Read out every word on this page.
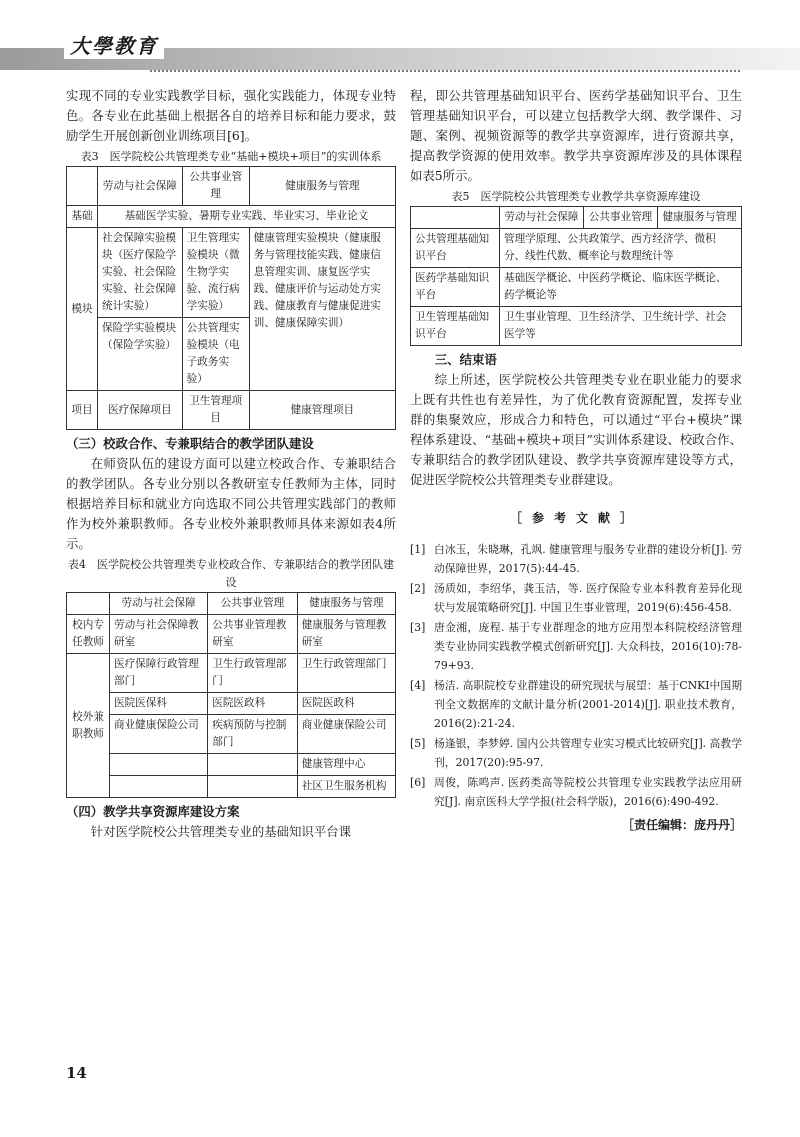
大學教育

实现不同的专业实践教学目标，强化实践能力，体现专业特色。各专业在此基础上根据各自的培养目标和能力要求，鼓励学生开展创新创业训练项目[6]。

表3　医学院校公共管理类专业“基础+模块+项目”的实训体系
	劳动与社会保障	公共事业管理	健康服务与管理
基础	基础医学实验、暑期专业实践、毕业实习、毕业论文		
模块	社会保障实验模块（医疗保险学实验、社会保险实验、社会保障统计实验）	卫生管理实验模块（微生物学实验、流行病学实验）	健康管理实验模块（健康服务与管理技能实践、健康信息管理实训、康复医学实践、健康评价与运动处方实践、健康教育与健康促进实训、健康保障实训）
	保险学实验模块（保险学实验）	公共管理实验模块（电子政务实验）	
项目	医疗保障项目	卫生管理项目	健康管理项目
（三）校政合作、专兼职结合的教学团队建设

在师资队伍的建设方面可以建立校政合作、专兼职结合的教学团队。各专业分别以各教研室专任教师为主体，同时根据培养目标和就业方向选取不同公共管理实践部门的教师作为校外兼职教师。各专业校外兼职教师具体来源如表4所示。

表4　医学院校公共管理类专业校政合作、专兼职结合的教学团队建设
	劳动与社会保障	公共事业管理	健康服务与管理
校内专任教师	劳动与社会保障教研室	公共事业管理教研室	健康服务与管理教研室
校外兼职教师	医疗保障行政管理部门	卫生行政管理部门	卫生行政管理部门
	医院医保科	医院医政科	医院医政科
	商业健康保险公司	疾病预防与控制部门	商业健康保险公司
			健康管理中心
			社区卫生服务机构
（四）教学共享资源库建设方案

针对医学院校公共管理类专业的基础知识平台课

程，即公共管理基础知识平台、医药学基础知识平台、卫生管理基础知识平台，可以建立包括教学大纲、教学课件、习题、案例、视频资源等的教学共享资源库，进行资源共享，提高教学资源的使用效率。教学共享资源库涉及的具体课程如表5所示。

表5　医学院校公共管理类专业教学共享资源库建设
	劳动与社会保障	公共事业管理	健康服务与管理
公共管理基础知识平台	管理学原理、公共政策学、西方经济学、微积分、线性代数、概率论与数理统计等		
医药学基础知识平台	基础医学概论、中医药学概论、临床医学概论、药学概论等		
卫生管理基础知识平台	卫生事业管理、卫生经济学、卫生统计学、社会医学等		
三、结束语

综上所述，医学院校公共管理类专业在职业能力的要求上既有共性也有差异性，为了优化教育资源配置，发挥专业群的集聚效应，形成合力和特色，可以通过“平台+模块”课程体系建设、“基础+模块+项目”实训体系建设、校政合作、专兼职结合的教学团队建设、教学共享资源库建设等方式，促进医学院校公共管理类专业群建设。

［参考文献］
[1] 白冰玉，朱晓琳，孔飒. 健康管理与服务专业群的建设分析[J]. 劳动保障世界，2017(5):44-45.
[2] 汤质如，李绍华，龚玉洁，等. 医疗保险专业本科教育差异化现状与发展策略研究[J]. 中国卫生事业管理，2019(6):456-458.
[3] 唐金湘，庞程. 基于专业群理念的地方应用型本科院校经济管理类专业协同实践教学模式创新研究[J]. 大众科技，2016(10):78-79+93.
[4] 杨洁. 高职院校专业群建设的研究现状与展望：基于CNKI中国期刊全文数据库的文献计量分析(2001-2014)[J]. 职业技术教育，2016(2):21-24.
[5] 杨逢银，李梦婷. 国内公共管理专业实习模式比较研究[J]. 高教学刊，2017(20):95-97.
[6] 周俊，陈鸣声. 医药类高等院校公共管理专业实践教学法应用研究[J]. 南京医科大学学报(社会科学版)，2016(6):490-492.
［责任编辑：庞丹丹］
14
